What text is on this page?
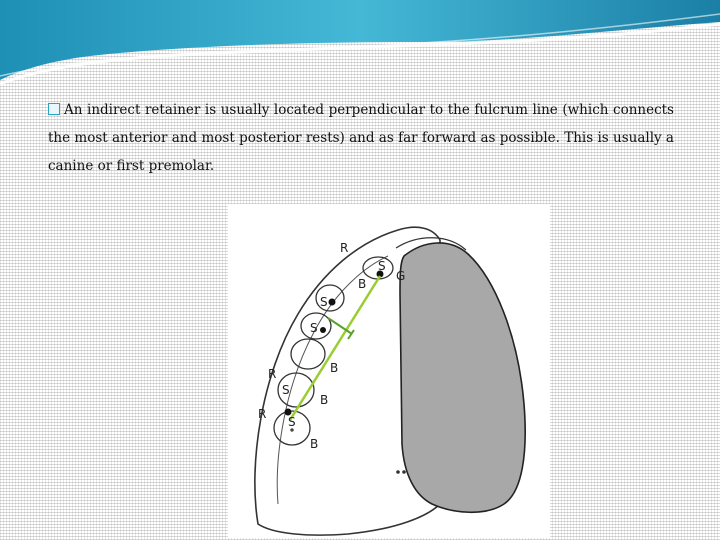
An indirect retainer is usually located perpendicular to the fulcrum line (which connects the most anterior and most posterior rests) and as far forward as possible. This is usually a canine or first premolar.
R
S
B
G
S
S
B
R
S
B
R
S
B
